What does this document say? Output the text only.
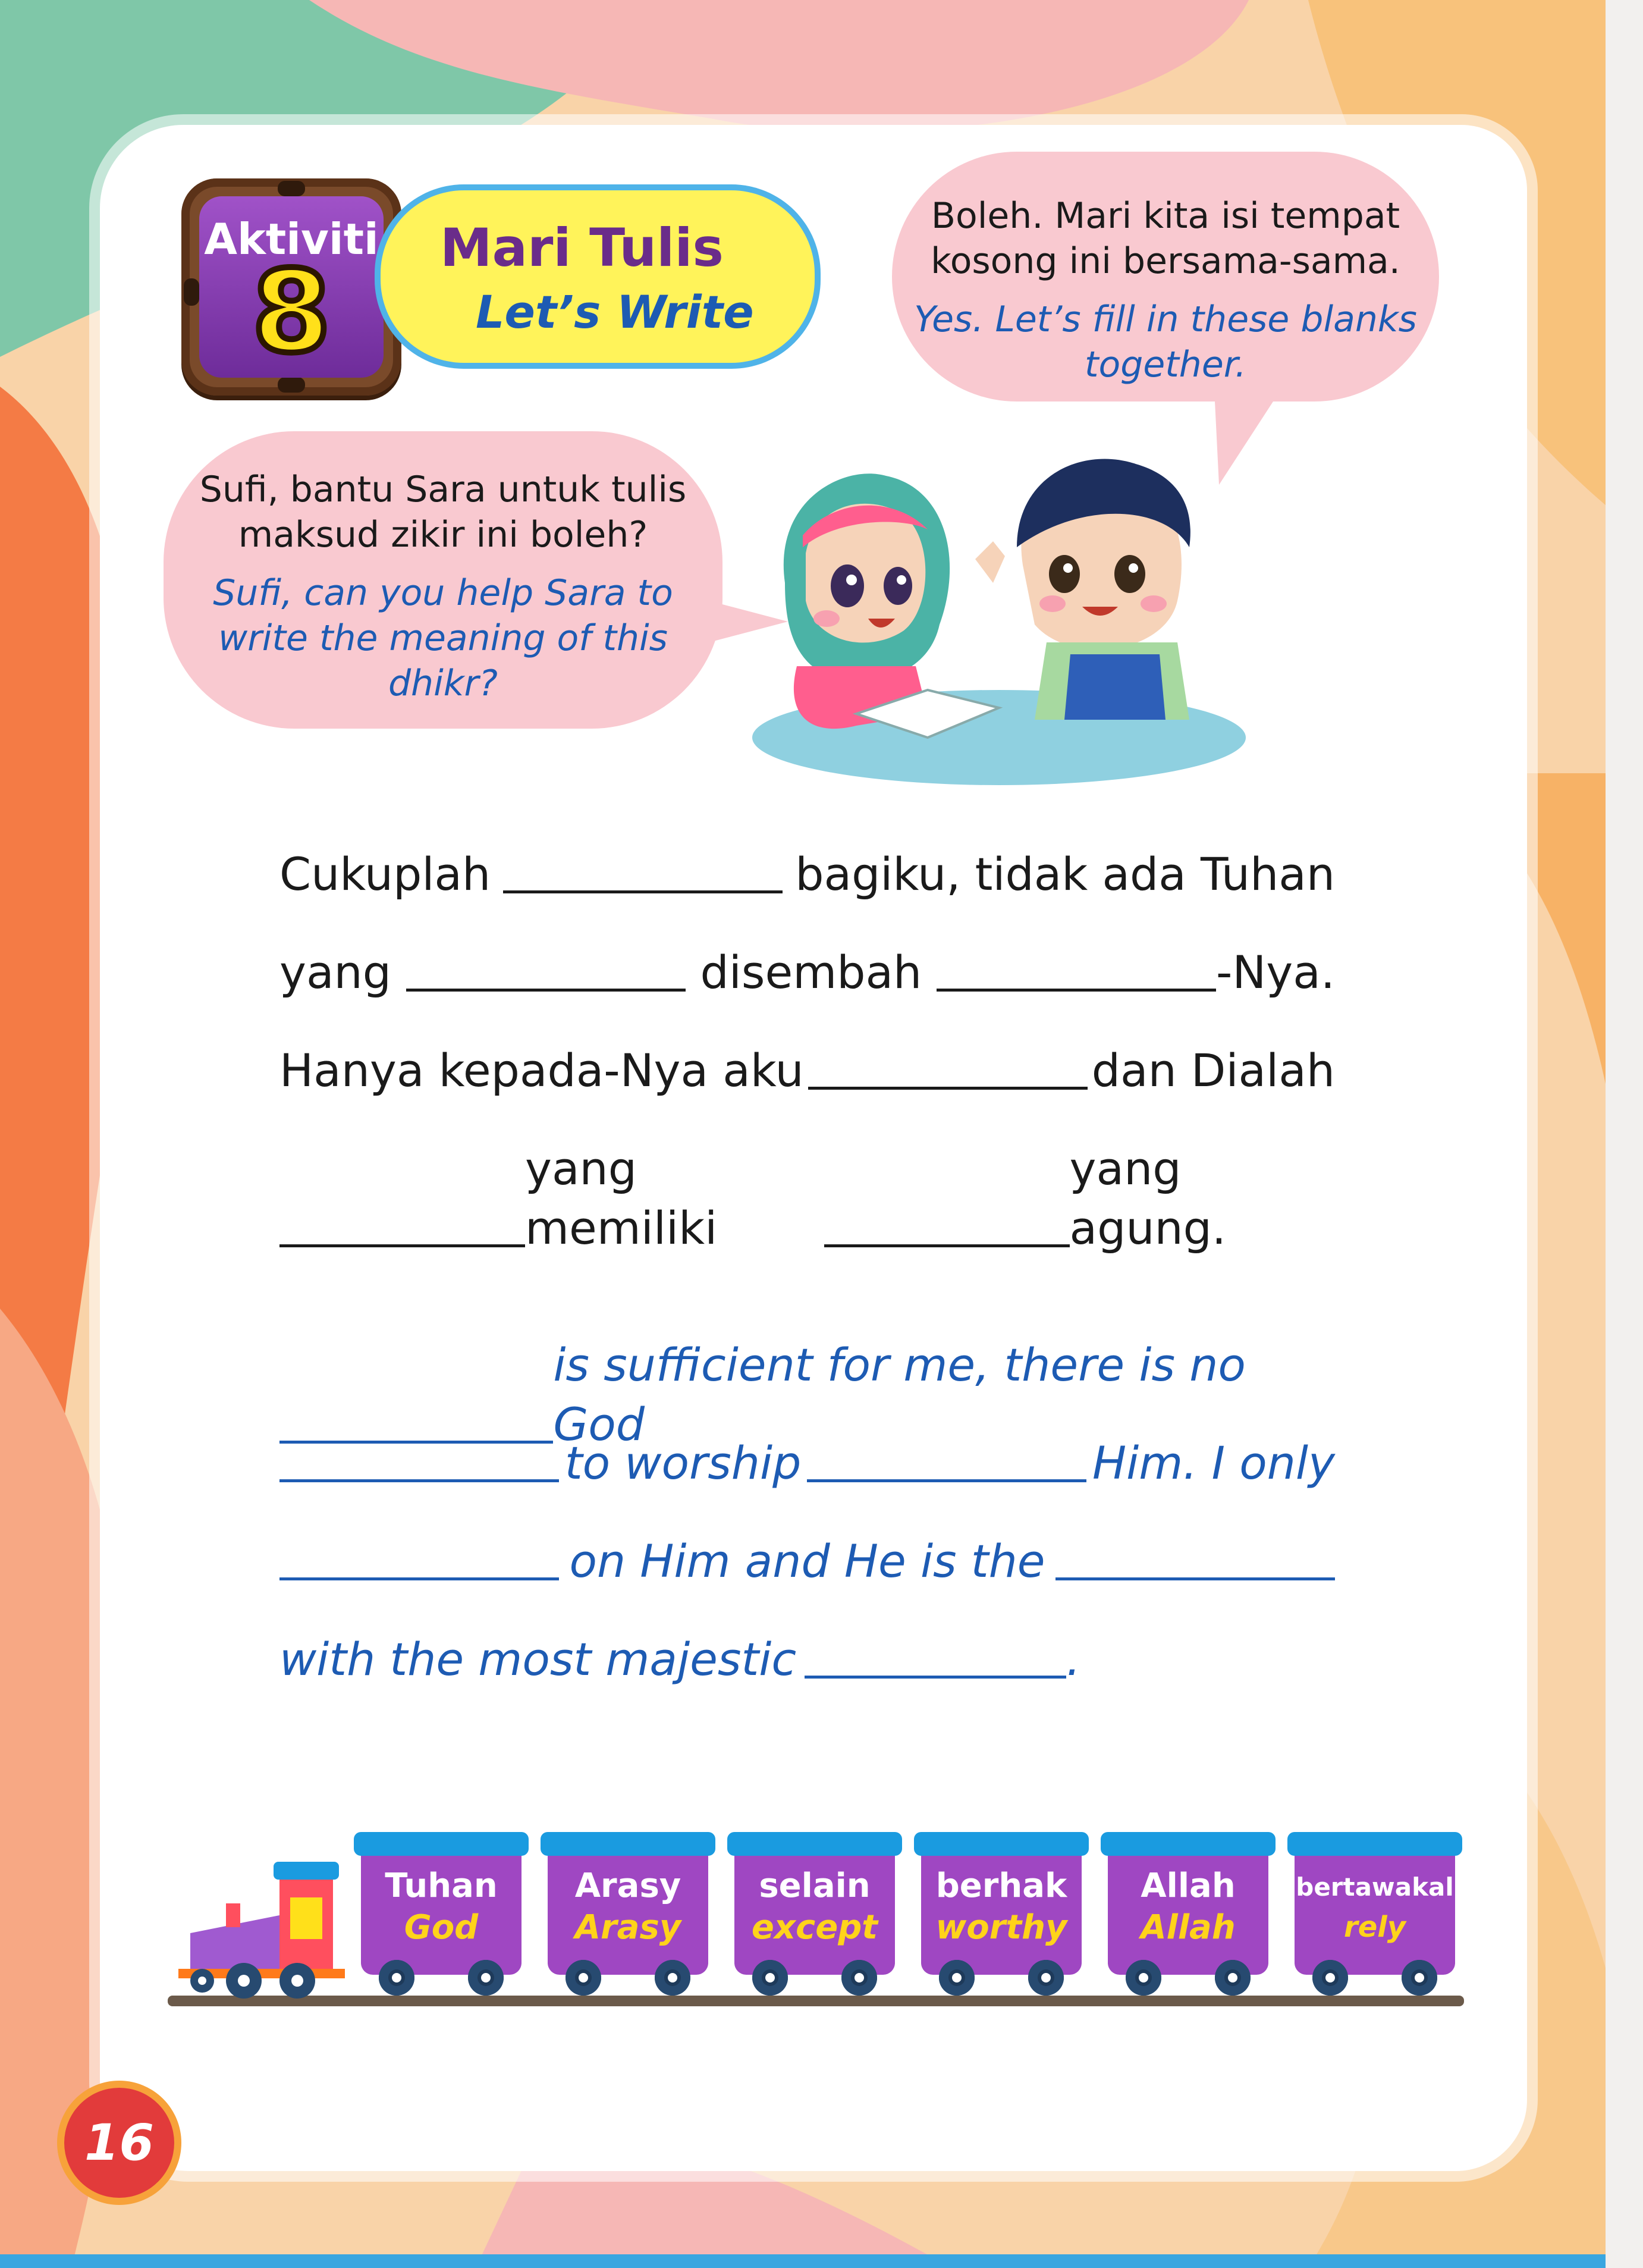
Aktiviti
8	Mari Tulis
Let’s Write

Boleh. Mari kita isi tempat

kosong ini bersama-sama.

Yes. Let’s fill in these blanks

together.

Sufi, bantu Sara untuk tulis

maksud zikir ini boleh?

Sufi, can you help Sara to

write the meaning of this

dhikr?

Cukuplah	bagiku, tidak ada Tuhan
yang	disembah	-Nya.
Hanya kepada-Nya aku	dan Dialah
yang memiliki
yang agung.
is sufficient for me, there is no God
to worship	Him. I only
on Him and He is the
with the most majestic	.
Tuhan
God
Arasy
Arasy
selain
except
berhak
worthy
Allah
Allah
bertawakal
rely
16
